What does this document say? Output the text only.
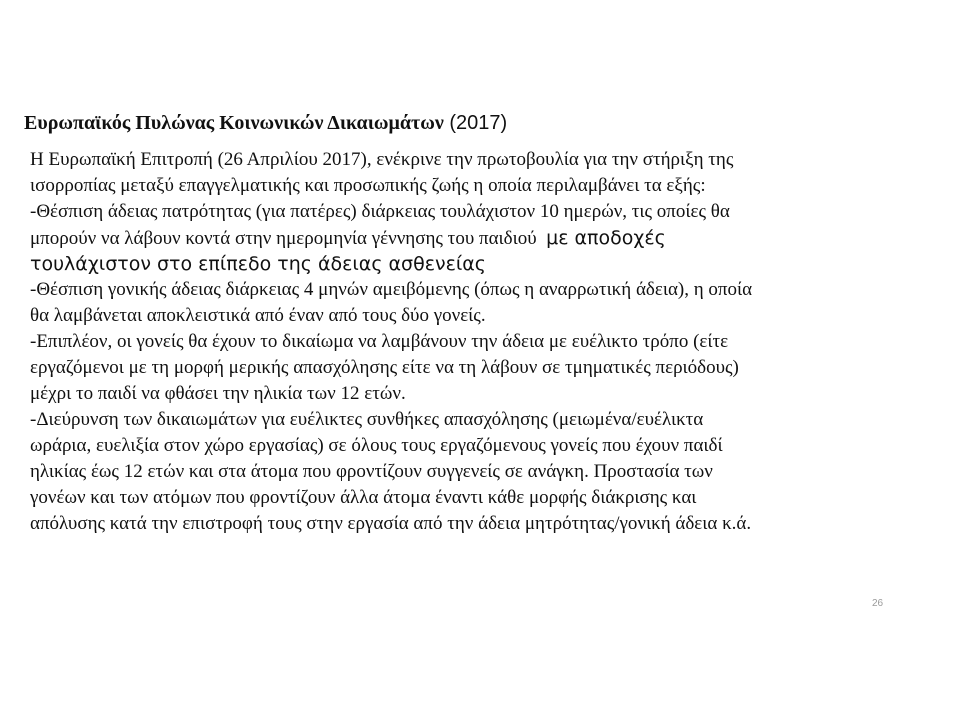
Ευρωπαϊκός Πυλώνας Κοινωνικών Δικαιωμάτων (2017)
Η Ευρωπαϊκή Επιτροπή (26 Απριλίου 2017), ενέκρινε την πρωτοβουλία για την στήριξη της
ισορροπίας μεταξύ επαγγελματικής και προσωπικής ζωής η οποία περιλαμβάνει τα εξής:
-Θέσπιση άδειας πατρότητας (για πατέρες) διάρκειας τουλάχιστον 10 ημερών, τις οποίες θα
μπορούν να λάβουν κοντά στην ημερομηνία γέννησης του παιδιού με αποδοχές
τουλάχιστον στο επίπεδο της άδειας ασθενείας
-Θέσπιση γονικής άδειας διάρκειας 4 μηνών αμειβόμενης (όπως η αναρρωτική άδεια), η οποία
θα λαμβάνεται αποκλειστικά από έναν από τους δύο γονείς.
-Επιπλέον, οι γονείς θα έχουν το δικαίωμα να λαμβάνουν την άδεια με ευέλικτο τρόπο (είτε
εργαζόμενοι με τη μορφή μερικής απασχόλησης είτε να τη λάβουν σε τμηματικές περιόδους)
μέχρι το παιδί να φθάσει την ηλικία των 12 ετών.
-Διεύρυνση των δικαιωμάτων για ευέλικτες συνθήκες απασχόλησης (μειωμένα/ευέλικτα
ωράρια, ευελιξία στον χώρο εργασίας) σε όλους τους εργαζόμενους γονείς που έχουν παιδί
ηλικίας έως 12 ετών και στα άτομα που φροντίζουν συγγενείς σε ανάγκη. Προστασία των
γονέων και των ατόμων που φροντίζουν άλλα άτομα έναντι κάθε μορφής διάκρισης και
απόλυσης κατά την επιστροφή τους στην εργασία από την άδεια μητρότητας/γονική άδεια κ.ά.
26
